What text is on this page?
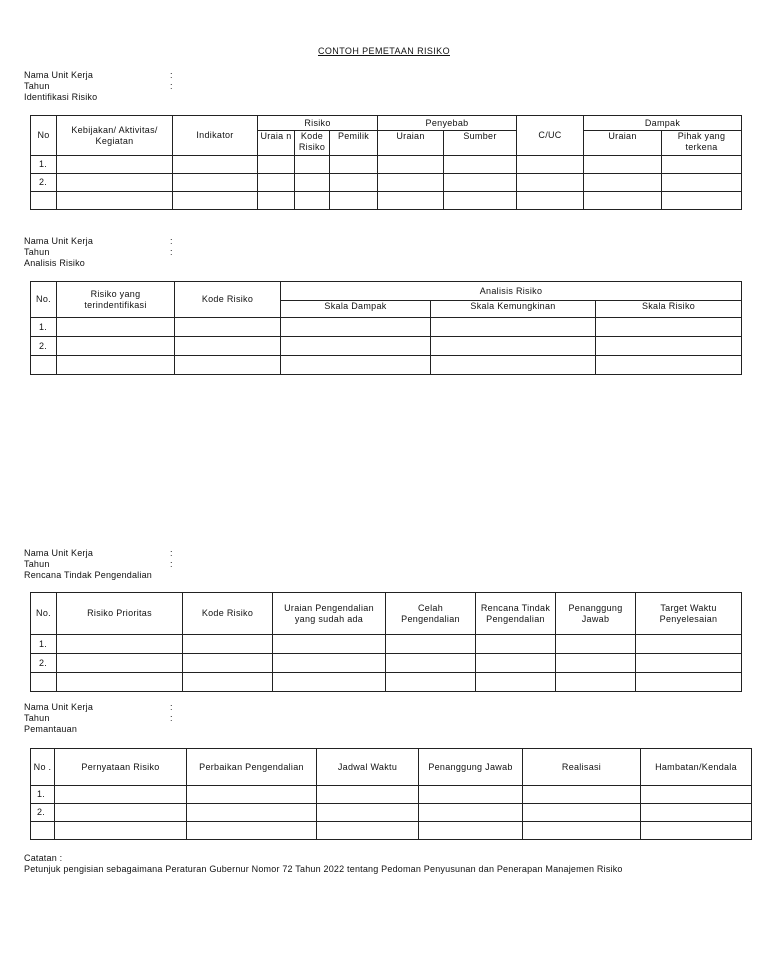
CONTOH PEMETAAN RISIKO
Nama Unit Kerja	:
Tahun	:
Identifikasi Risiko
No	Kebijakan/ Aktivitas/ Kegiatan	Indikator	Risiko			Penyebab		C/UC	Dampak	
			Uraia n	Kode Risiko	Pemilik	Uraian	Sumber		Uraian	Pihak yang terkena
1.										
2.										

Nama Unit Kerja	:
Tahun	:
Analisis Risiko
No.	Risiko yang terindentifikasi	Kode Risiko	Analisis Risiko		
			Skala Dampak	Skala Kemungkinan	Skala Risiko
1.					
2.					

Nama Unit Kerja	:
Tahun	:
Rencana Tindak Pengendalian
No.	Risiko Prioritas	Kode Risiko	Uraian Pengendalian yang sudah ada	Celah Pengendalian	Rencana Tindak Pengendalian	Penanggung Jawab	Target Waktu Penyelesaian
1.							
2.							

Nama Unit Kerja	:
Tahun	:
Pemantauan
No .	Pernyataan Risiko	Perbaikan Pengendalian	Jadwal Waktu	Penanggung Jawab	Realisasi	Hambatan/Kendala
1.						
2.						

Catatan :
Petunjuk pengisian sebagaimana Peraturan Gubernur Nomor 72 Tahun 2022 tentang Pedoman Penyusunan dan Penerapan Manajemen Risiko
